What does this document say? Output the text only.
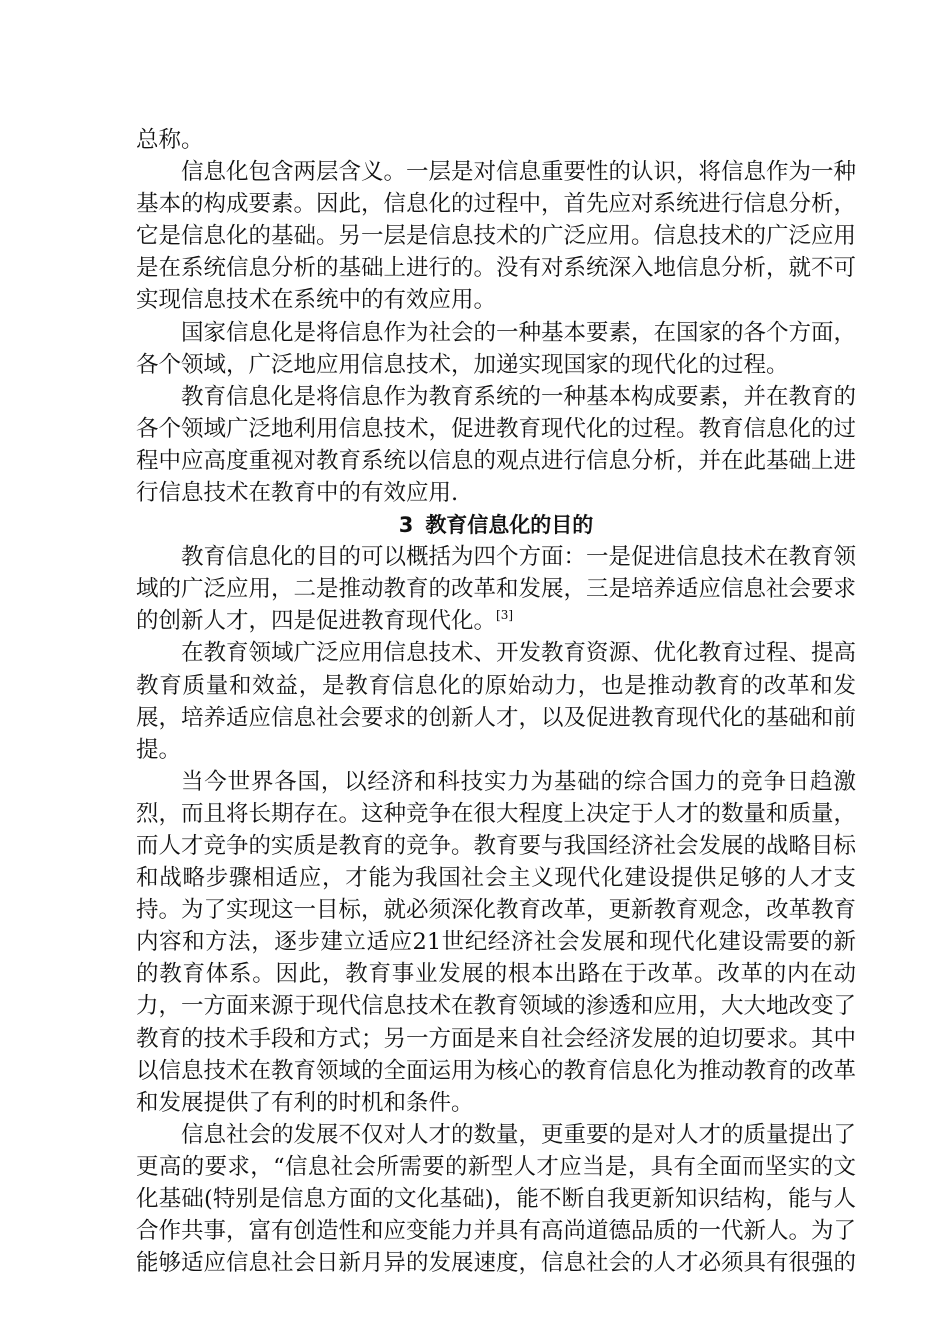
总称。

信息化包含两层含义。一层是对信息重要性的认识，将信息作为一种基本的构成要素。因此，信息化的过程中，首先应对系统进行信息分析，它是信息化的基础。另一层是信息技术的广泛应用。信息技术的广泛应用是在系统信息分析的基础上进行的。没有对系统深入地信息分析，就不可实现信息技术在系统中的有效应用。

国家信息化是将信息作为社会的一种基本要素，在国家的各个方面，各个领域，广泛地应用信息技术，加递实现国家的现代化的过程。

教育信息化是将信息作为教育系统的一种基本构成要素，并在教育的各个领域广泛地利用信息技术，促进教育现代化的过程。教育信息化的过程中应高度重视对教育系统以信息的观点进行信息分析，并在此基础上进行信息技术在教育中的有效应用.

3 教育信息化的目的

教育信息化的目的可以概括为四个方面：一是促进信息技术在教育领域的广泛应用，二是推动教育的改革和发展，三是培养适应信息社会要求的创新人才，四是促进教育现代化。[3]

在教育领域广泛应用信息技术、开发教育资源、优化教育过程、提高教育质量和效益，是教育信息化的原始动力，也是推动教育的改革和发展，培养适应信息社会要求的创新人才，以及促进教育现代化的基础和前提。

当今世界各国，以经济和科技实力为基础的综合国力的竞争日趋激烈，而且将长期存在。这种竞争在很大程度上决定于人才的数量和质量，而人才竞争的实质是教育的竞争。教育要与我国经济社会发展的战略目标和战略步骤相适应，才能为我国社会主义现代化建设提供足够的人才支持。为了实现这一目标，就必须深化教育改革，更新教育观念，改革教育内容和方法，逐步建立适应21世纪经济社会发展和现代化建设需要的新的教育体系。因此，教育事业发展的根本出路在于改革。改革的内在动力，一方面来源于现代信息技术在教育领域的渗透和应用，大大地改变了教育的技术手段和方式；另一方面是来自社会经济发展的迫切要求。其中以信息技术在教育领域的全面运用为核心的教育信息化为推动教育的改革和发展提供了有利的时机和条件。

信息社会的发展不仅对人才的数量，更重要的是对人才的质量提出了更高的要求，“信息社会所需要的新型人才应当是，具有全面而坚实的文化基础(特别是信息方面的文化基础)，能不断自我更新知识结构，能与人合作共事，富有创造性和应变能力并具有高尚道德品质的一代新人。为了能够适应信息社会日新月异的发展速度，信息社会的人才必须具有很强的
